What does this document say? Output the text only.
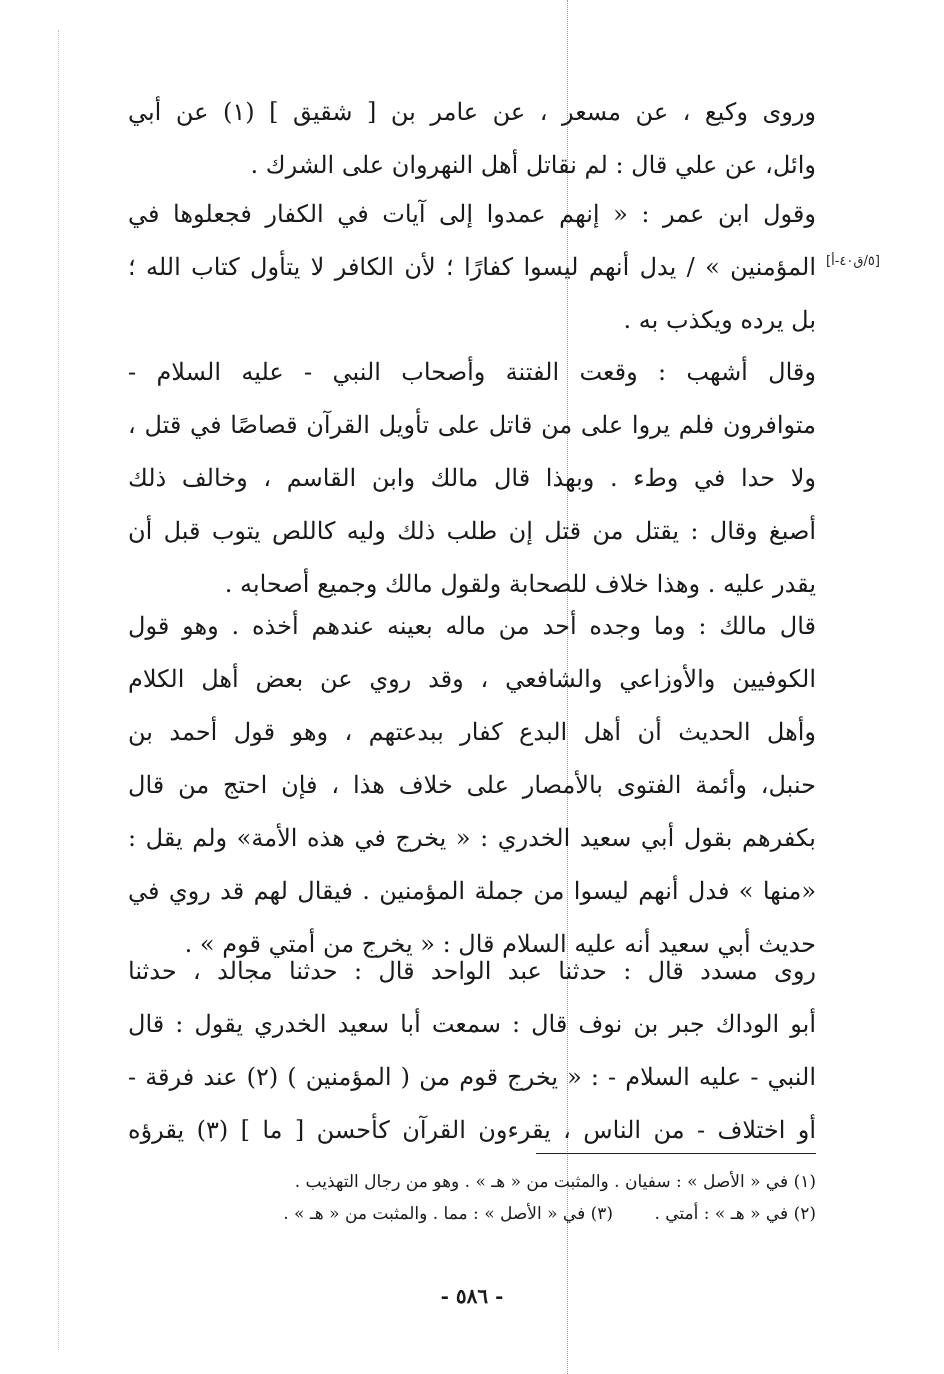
وروى وكيع ، عن مسعر ، عن عامر بن [ شقيق ] (١) عن أبي
وائل، عن علي قال : لم نقاتل أهل النهروان على الشرك .
وقول ابن عمر : « إنهم عمدوا إلى آيات في الكفار فجعلوها في
المؤمنين » / يدل أنهم ليسوا كفارًا ؛ لأن الكافر لا يتأول كتاب الله ؛
بل يرده ويكذب به .
[٥/ق٤٠-أ]
وقال أشهب : وقعت الفتنة وأصحاب النبي - عليه السلام -
متوافرون فلم يروا على من قاتل على تأويل القرآن قصاصًا في قتل ،
ولا حدا في وطء . وبهذا قال مالك وابن القاسم ، وخالف ذلك
أصبغ وقال : يقتل من قتل إن طلب ذلك وليه كاللص يتوب قبل أن
يقدر عليه . وهذا خلاف للصحابة ولقول مالك وجميع أصحابه .
قال مالك : وما وجده أحد من ماله بعينه عندهم أخذه . وهو قول
الكوفيين والأوزاعي والشافعي ، وقد روي عن بعض أهل الكلام
وأهل الحديث أن أهل البدع كفار ببدعتهم ، وهو قول أحمد بن
حنبل، وأئمة الفتوى بالأمصار على خلاف هذا ، فإن احتج من قال
بكفرهم بقول أبي سعيد الخدري : « يخرج في هذه الأمة» ولم يقل :
«منها » فدل أنهم ليسوا من جملة المؤمنين . فيقال لهم قد روي في
حديث أبي سعيد أنه عليه السلام قال : « يخرج من أمتي قوم » .
روى مسدد قال : حدثنا عبد الواحد قال : حدثنا مجالد ، حدثنا
أبو الوداك جبر بن نوف قال : سمعت أبا سعيد الخدري يقول : قال
النبي - عليه السلام - : « يخرج قوم من ( المؤمنين ) (٢) عند فرقة -
أو اختلاف - من الناس ، يقرءون القرآن كأحسن [ ما ] (٣) يقرؤه
(١) في « الأصل » : سفيان . والمثبت من « هـ » . وهو من رجال التهذيب .
(٢) في « هـ » : أمتي . (٣) في « الأصل » : مما . والمثبت من « هـ » .
- ٥٨٦ -
